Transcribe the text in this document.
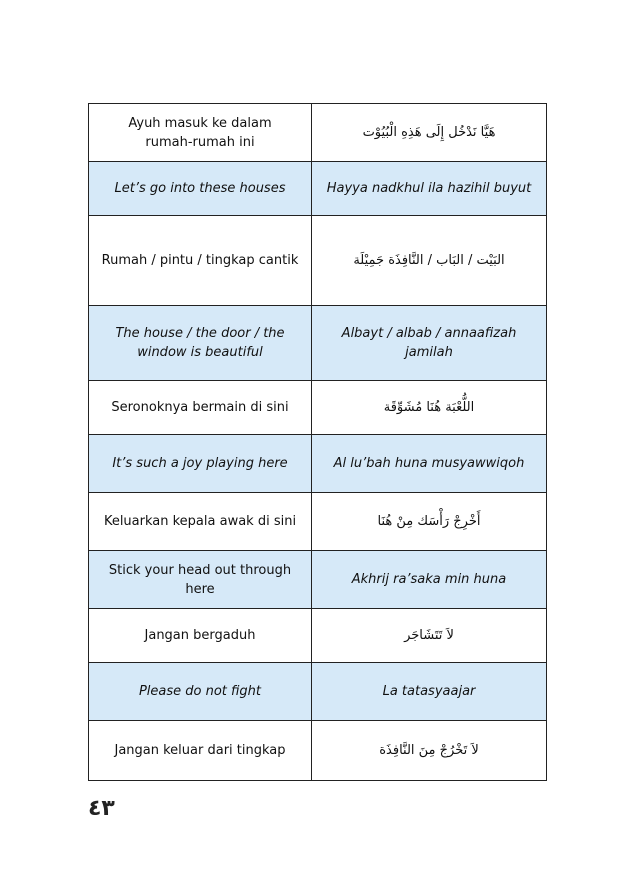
Ayuh masuk ke dalam rumah-rumah ini	هَيَّا نَدْخُل إِلَى هَذِهِ الْبُيُوْت
Let’s go into these houses	Hayya nadkhul ila hazihil buyut
Rumah / pintu / tingkap cantik	البَيْت / البَاب / النَّافِذَة جَمِيْلَة
The house / the door / the window is beautiful	Albayt / albab / annaafizah jamilah
Seronoknya bermain di sini	اللُّعْبَة هُنَا مُشَوِّقَة
It’s such a joy playing here	Al lu’bah huna musyawwiqoh
Keluarkan kepala awak di sini	أَخْرِجْ رَأْسَك مِنْ هُنَا
Stick your head out through here	Akhrij ra’saka min huna
Jangan bergaduh	لاَ تَتَشَاجَر
Please do not fight	La tatasyaajar
Jangan keluar dari tingkap	لاَ تَخْرُجْ مِنَ النَّافِذَة
٤٣
